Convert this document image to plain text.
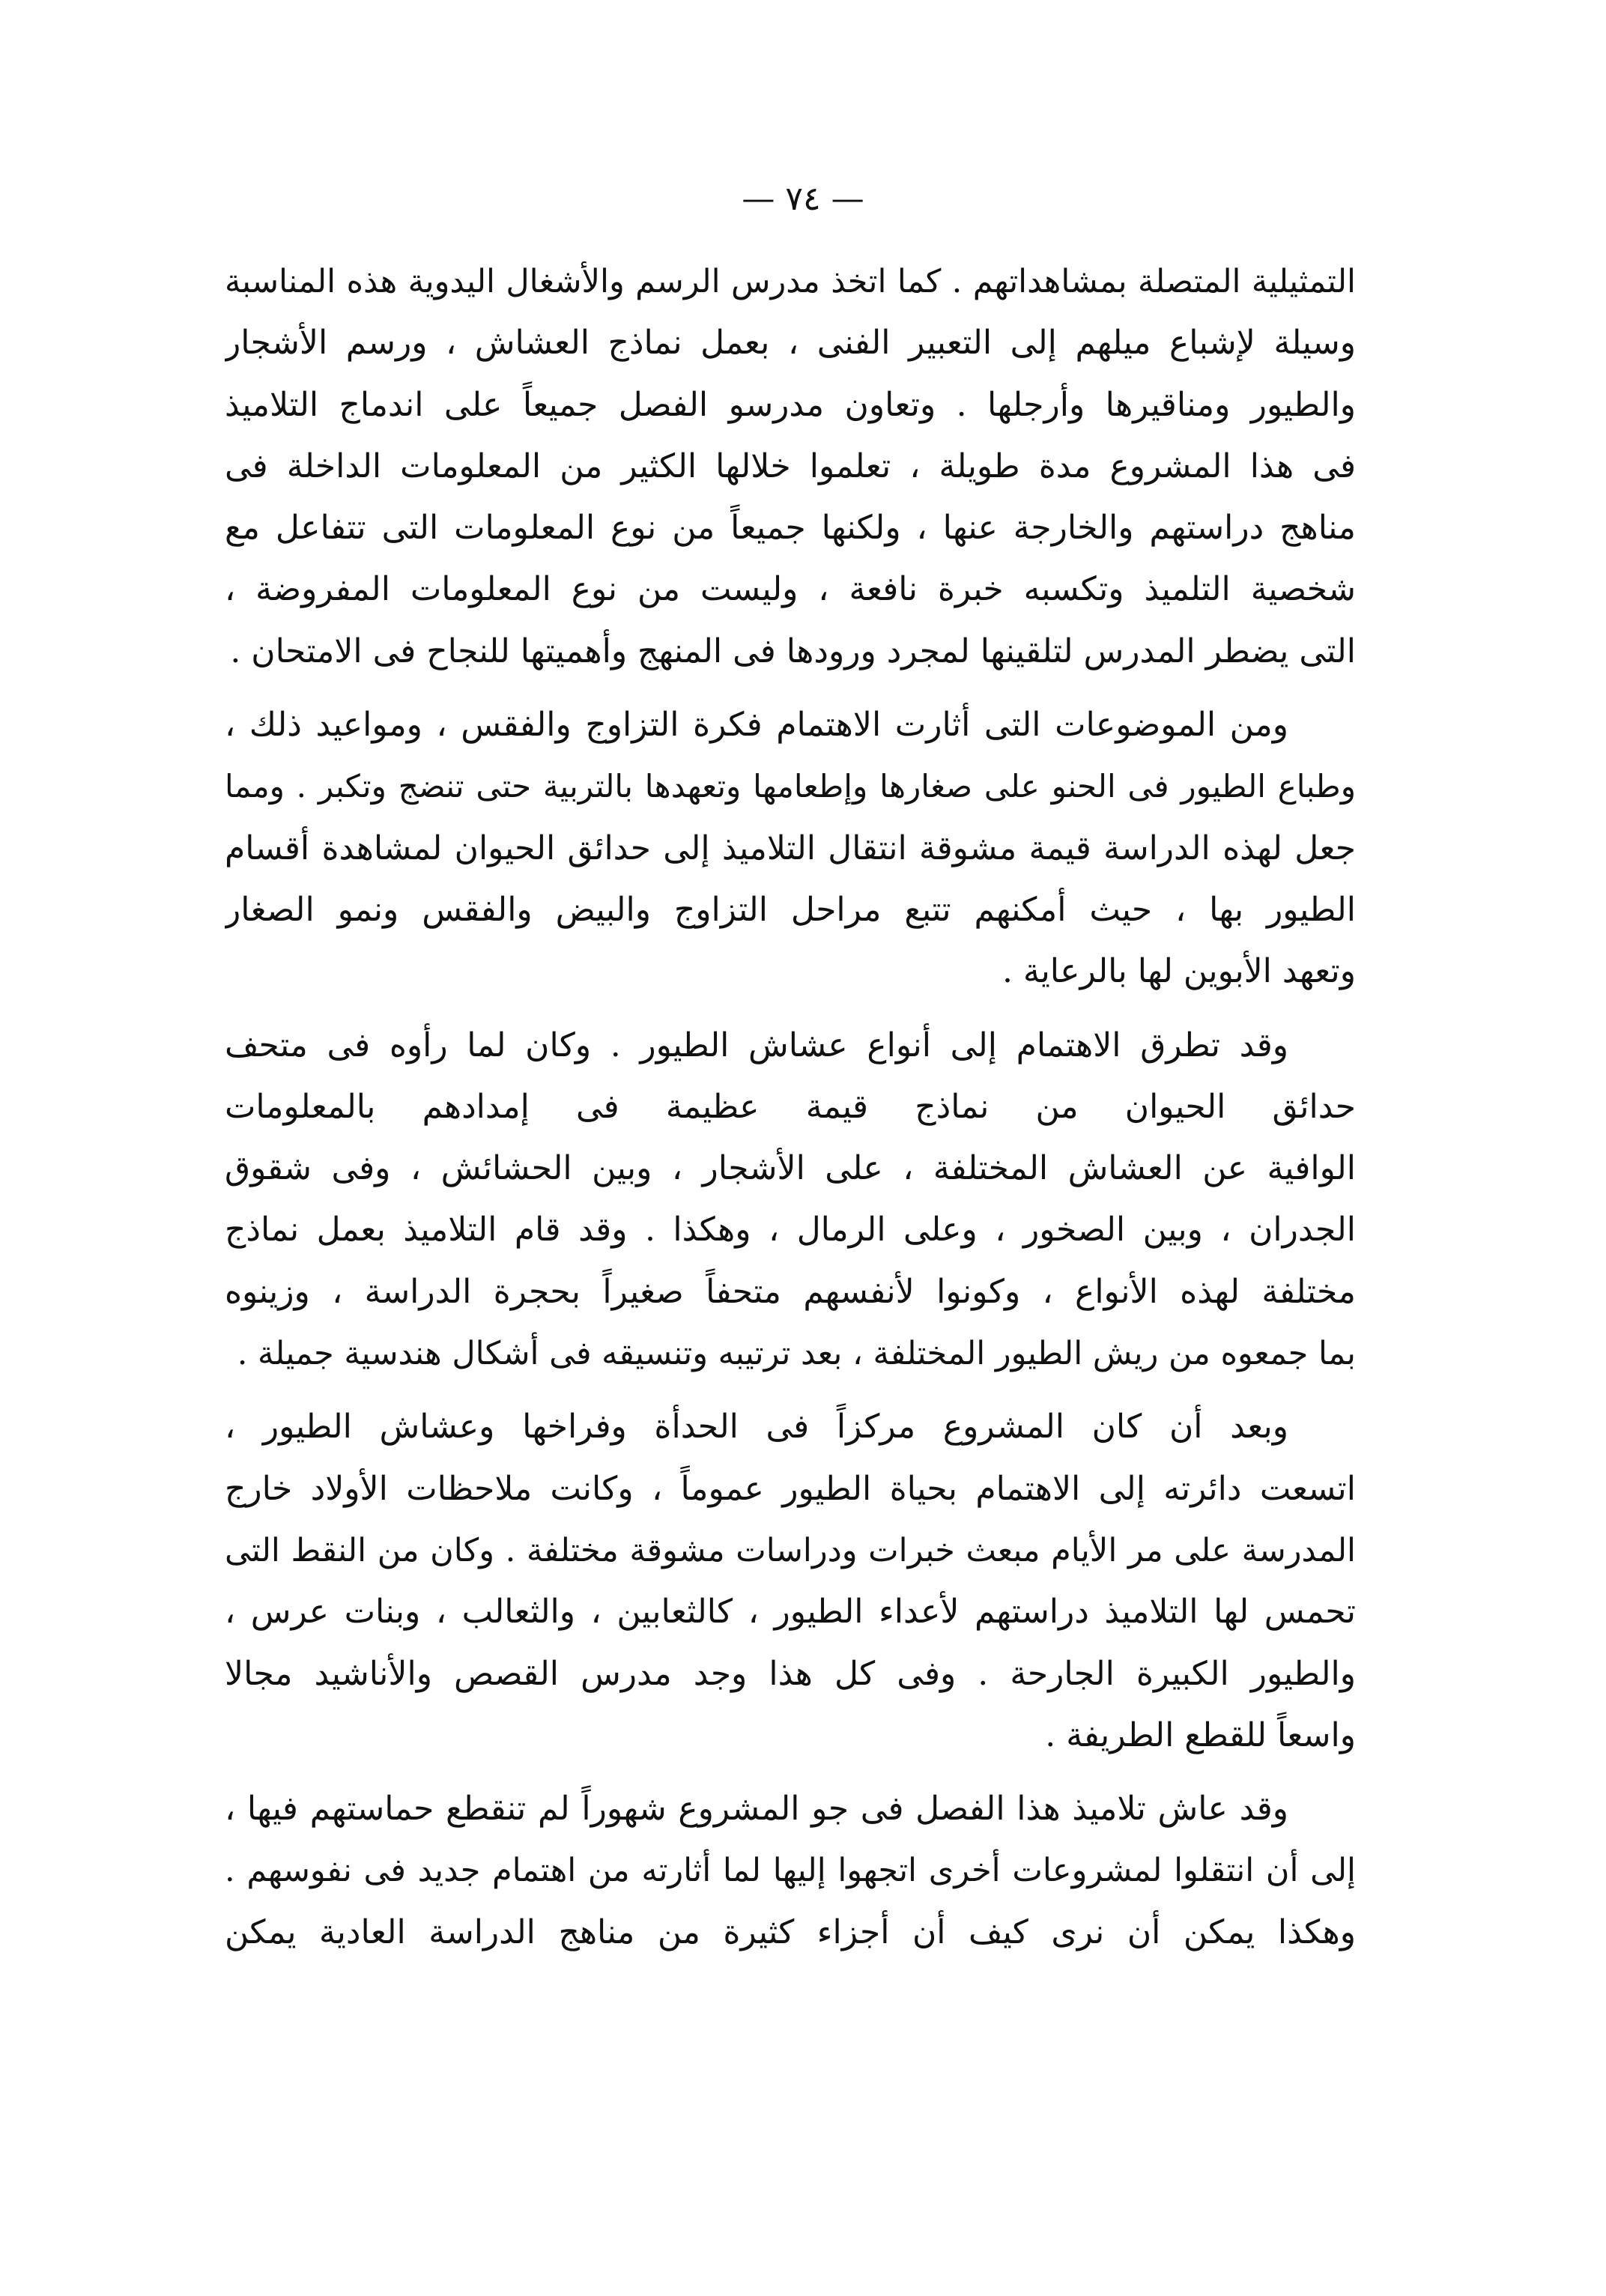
— ٧٤ —
التمثيلية المتصلة بمشاهداتهم . كما اتخذ مدرس الرسم والأشغال اليدوية هذه المناسبة
وسيلة لإشباع ميلهم إلى التعبير الفنى ، بعمل نماذج العشاش ، ورسم الأشجار
والطيور ومناقيرها وأرجلها . وتعاون مدرسو الفصل جميعاً على اندماج التلاميذ
فى هذا المشروع مدة طويلة ، تعلموا خلالها الكثير من المعلومات الداخلة فى
مناهج دراستهم والخارجة عنها ، ولكنها جميعاً من نوع المعلومات التى تتفاعل مع
شخصية التلميذ وتكسبه خبرة نافعة ، وليست من نوع المعلومات المفروضة ،
التى يضطر المدرس لتلقينها لمجرد ورودها فى المنهج وأهميتها للنجاح فى الامتحان .
ومن الموضوعات التى أثارت الاهتمام فكرة التزاوج والفقس ، ومواعيد ذلك ،
وطباع الطيور فى الحنو على صغارها وإطعامها وتعهدها بالتربية حتى تنضج وتكبر . ومما
جعل لهذه الدراسة قيمة مشوقة انتقال التلاميذ إلى حدائق الحيوان لمشاهدة أقسام
الطيور بها ، حيث أمكنهم تتبع مراحل التزاوج والبيض والفقس ونمو الصغار
وتعهد الأبوين لها بالرعاية .
وقد تطرق الاهتمام إلى أنواع عشاش الطيور . وكان لما رأوه فى متحف
حدائق الحيوان من نماذج قيمة عظيمة فى إمدادهم بالمعلومات
الوافية عن العشاش المختلفة ، على الأشجار ، وبين الحشائش ، وفى شقوق
الجدران ، وبين الصخور ، وعلى الرمال ، وهكذا . وقد قام التلاميذ بعمل نماذج
مختلفة لهذه الأنواع ، وكونوا لأنفسهم متحفاً صغيراً بحجرة الدراسة ، وزينوه
بما جمعوه من ريش الطيور المختلفة ، بعد ترتيبه وتنسيقه فى أشكال هندسية جميلة .
وبعد أن كان المشروع مركزاً فى الحدأة وفراخها وعشاش الطيور ،
اتسعت دائرته إلى الاهتمام بحياة الطيور عموماً ، وكانت ملاحظات الأولاد خارج
المدرسة على مر الأيام مبعث خبرات ودراسات مشوقة مختلفة . وكان من النقط التى
تحمس لها التلاميذ دراستهم لأعداء الطيور ، كالثعابين ، والثعالب ، وبنات عرس ،
والطيور الكبيرة الجارحة . وفى كل هذا وجد مدرس القصص والأناشيد مجالا
واسعاً للقطع الطريفة .
وقد عاش تلاميذ هذا الفصل فى جو المشروع شهوراً لم تنقطع حماستهم فيها ،
إلى أن انتقلوا لمشروعات أخرى اتجهوا إليها لما أثارته من اهتمام جديد فى نفوسهم .
وهكذا يمكن أن نرى كيف أن أجزاء كثيرة من مناهج الدراسة العادية يمكن
